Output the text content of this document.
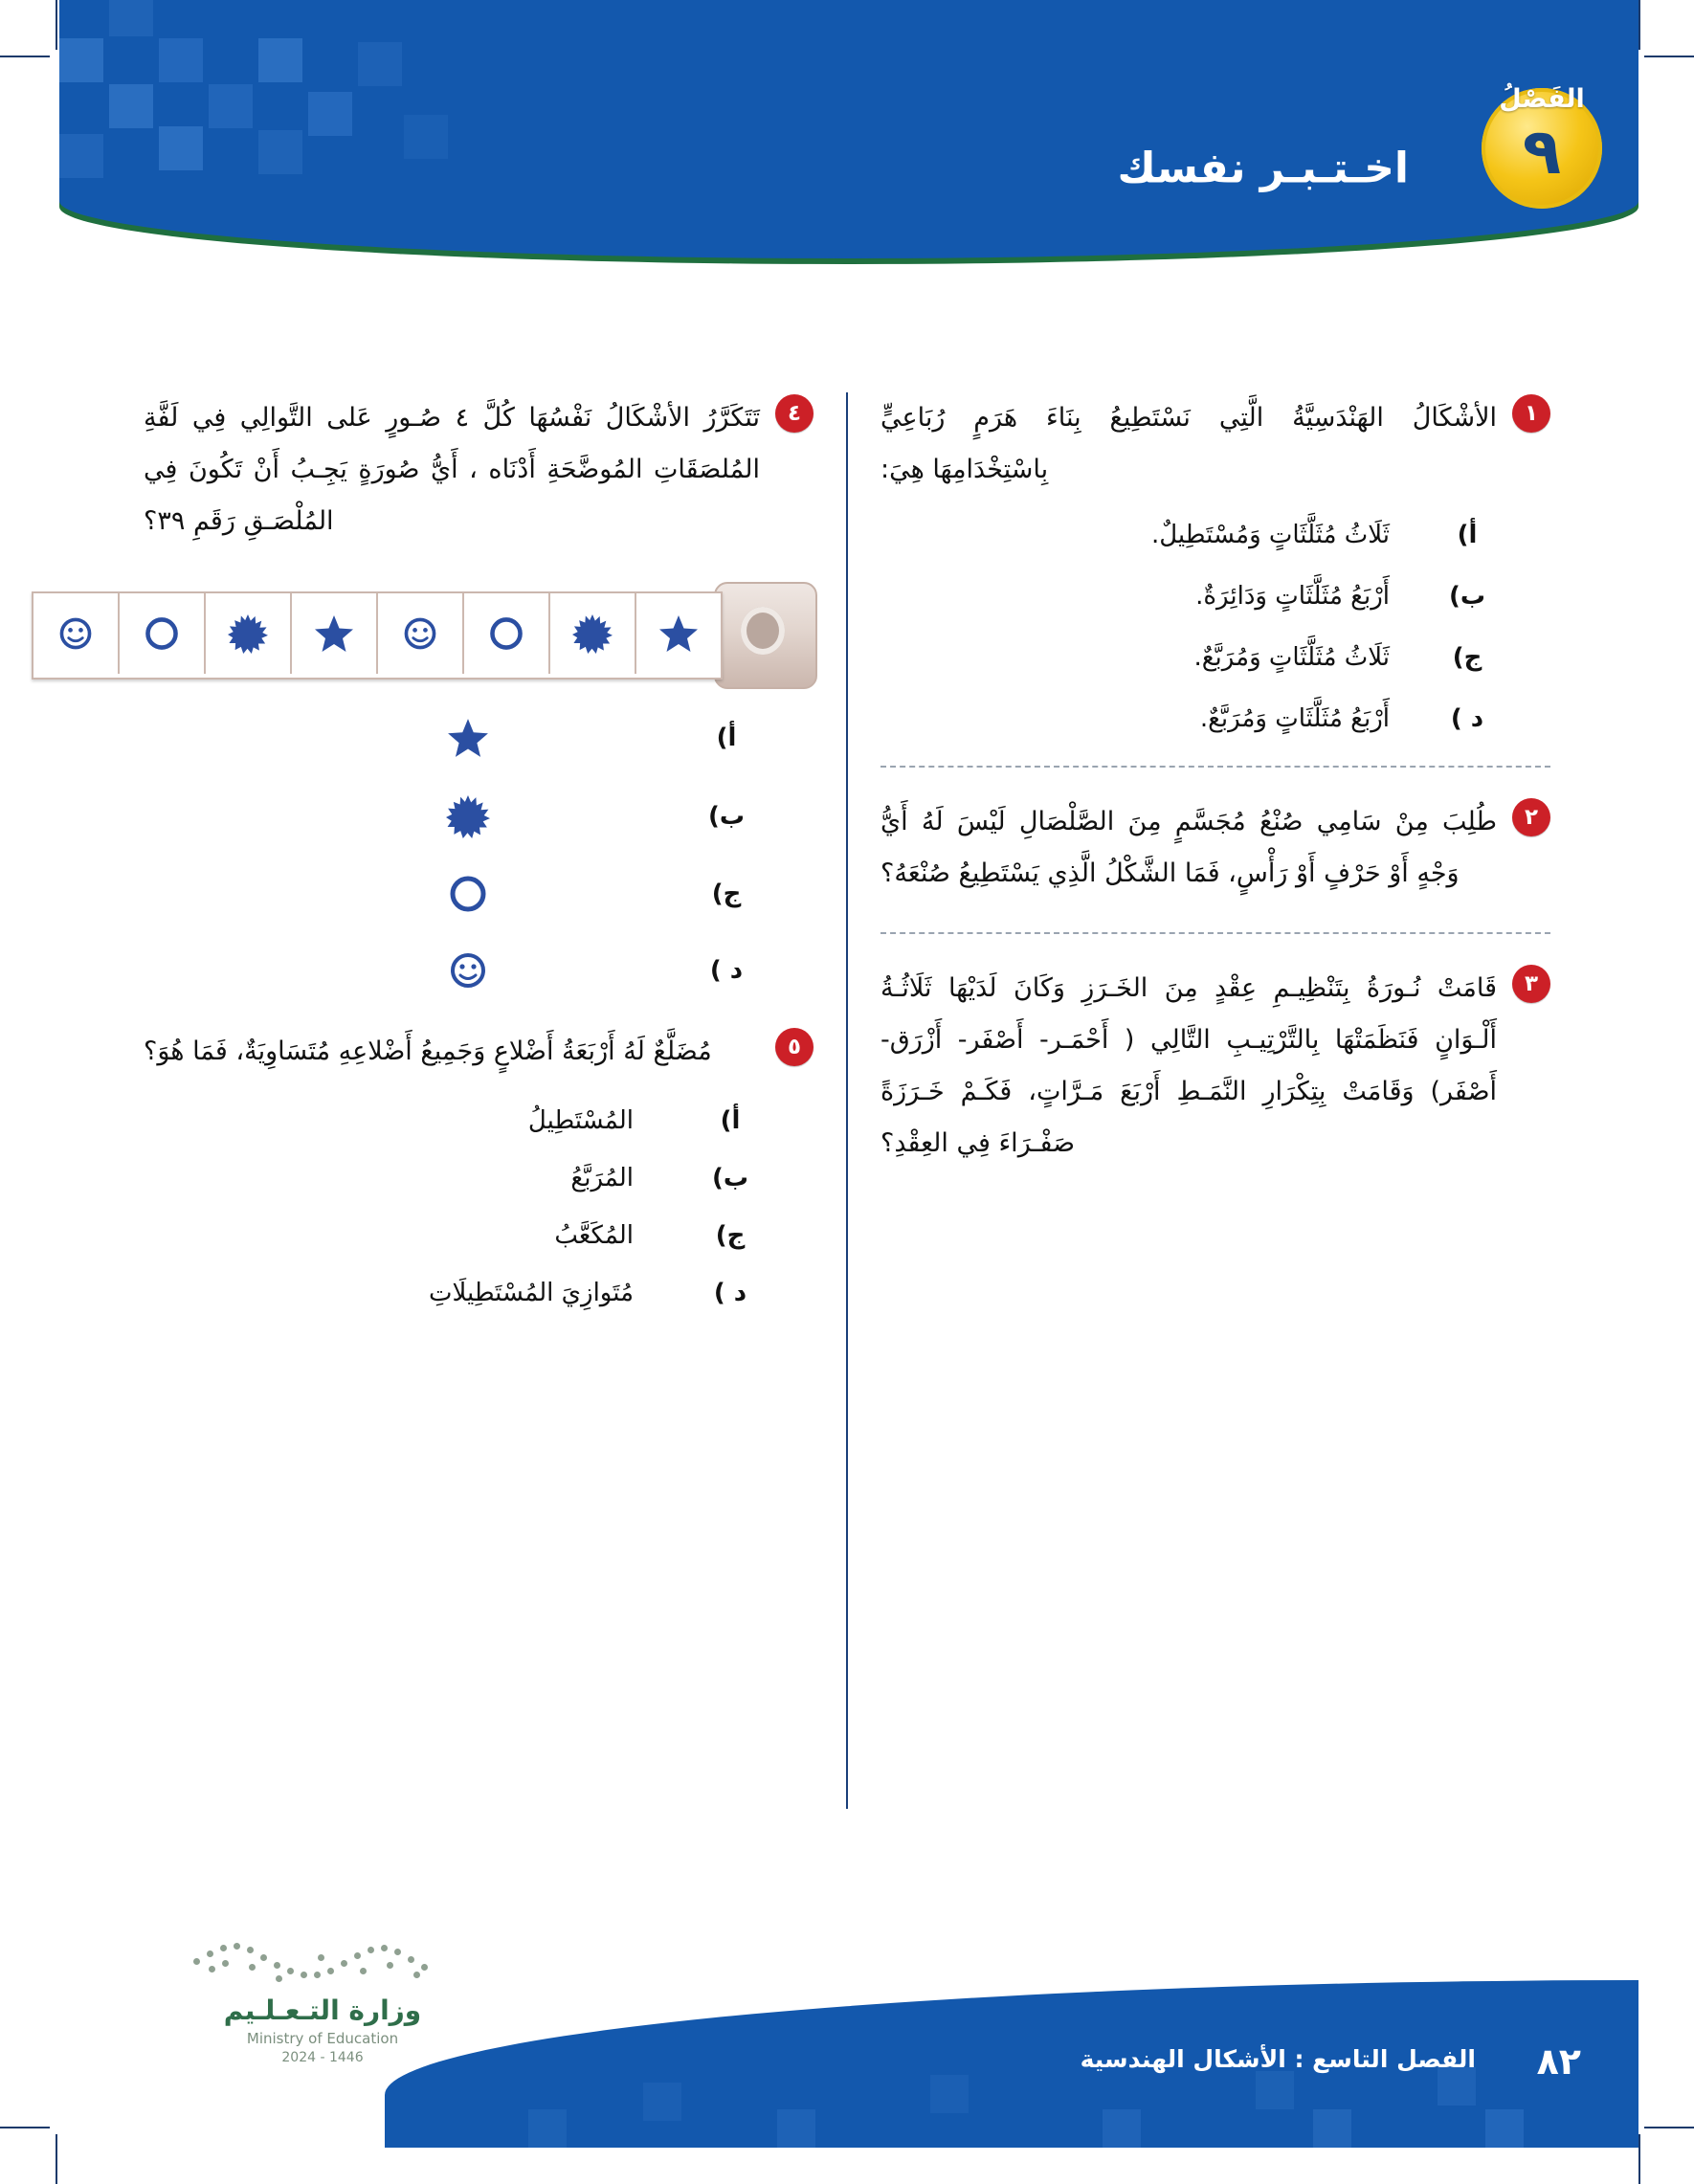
اخـتـبـر نفسك
الفَصْلُ
٩
١
الأشْكَالُ الهَنْدَسِيَّةُ الَّتِي نَسْتَطِيعُ بِنَاءَ هَرَمٍ رُبَاعِيٍّ بِاسْتِخْدَامِهَا هِيَ:
أ)
ثَلَاثُ مُثَلَّثَاتٍ وَمُسْتَطِيلٌ.
ب)
أَرْبَعُ مُثَلَّثَاتٍ وَدَائِرَةٌ.
ج)
ثَلَاثُ مُثَلَّثَاتٍ وَمُرَبَّعٌ.
د )
أَرْبَعُ مُثَلَّثَاتٍ وَمُرَبَّعٌ.
٢
طُلِبَ مِنْ سَامِي صُنْعُ مُجَسَّمٍ مِنَ الصَّلْصَالِ لَيْسَ لَهُ أَيُّ وَجْهٍ أَوْ حَرْفٍ أَوْ رَأْسٍ، فَمَا الشَّكْلُ الَّذِي يَسْتَطِيعُ صُنْعَهُ؟
٣
قَامَتْ نُـورَةُ بِتَنْظِيـمِ عِقْدٍ مِنَ الخَـرَزِ وَكَانَ لَدَيْهَا ثَلَاثُـةُ أَلْـوَانٍ فَنَظَمَتْهَا بِالتَّرْتِيـبِ التَّالِي ( أَحْمَـر- أَصْفَر- أَزْرَق- أَصْفَر) وَقَامَتْ بِتِكْرَارِ النَّمَـطِ أَرْبَعَ مَـرَّاتٍ، فَكَـمْ خَـرَزَةً صَفْـرَاءَ فِي العِقْدِ؟
٤
تَتَكَرَّرُ الأشْكَالُ نَفْسُهَا كُلَّ ٤ صُـورٍ عَلى التَّوالِي فِي لَفَّةِ المُلصَقَاتِ المُوضَّحَةِ أَدْنَاه ، أَيُّ صُورَةٍ يَجِـبُ أَنْ تَكُونَ فِي المُلْصَـقِ رَقَمِ ٣٩؟
أ)
ب)
ج)
د )
٥
مُضَلَّعٌ لَهُ أَرْبَعَةُ أَضْلاعٍ وَجَمِيعُ أَضْلاعِهِ مُتَسَاوِيَةٌ، فَمَا هُوَ؟
أ)
المُسْتَطِيلُ
ب)
المُرَبَّعُ
ج)
المُكَعَّبُ
د )
مُتَوازِيَ المُسْتَطِيلَاتِ
الفصل التاسع : الأشكال الهندسية ٨٢
وزارة التـعـلـيم
Ministry of Education
2024 - 1446
